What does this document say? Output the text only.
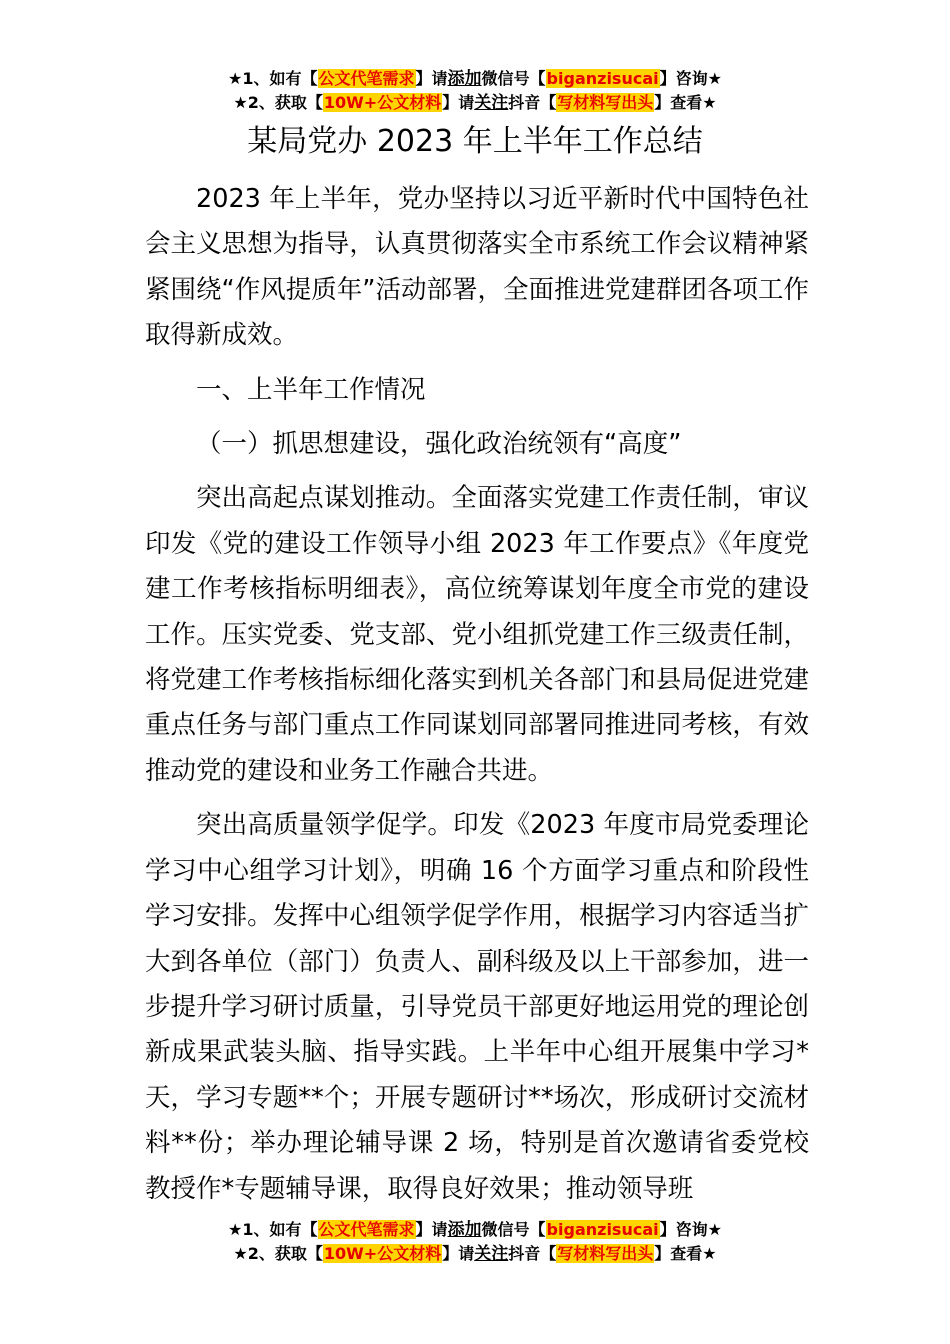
★1、如有【公文代笔需求】请添加微信号【biganzisucai】咨询★
★2、获取【10W+公文材料】请关注抖音【写材料写出头】查看★
某局党办 2023 年上半年工作总结

2023 年上半年，党办坚持以习近平新时代中国特色社会主义思想为指导，认真贯彻落实全市系统工作会议精神紧紧围绕“作风提质年”活动部署，全面推进党建群团各项工作取得新成效。

一、上半年工作情况

（一）抓思想建设，强化政治统领有“高度”

突出高起点谋划推动。全面落实党建工作责任制，审议印发《党的建设工作领导小组 2023 年工作要点》《年度党建工作考核指标明细表》，高位统筹谋划年度全市党的建设工作。压实党委、党支部、党小组抓党建工作三级责任制，将党建工作考核指标细化落实到机关各部门和县局促进党建重点任务与部门重点工作同谋划同部署同推进同考核，有效推动党的建设和业务工作融合共进。

突出高质量领学促学。印发《2023 年度市局党委理论学习中心组学习计划》，明确 16 个方面学习重点和阶段性学习安排。发挥中心组领学促学作用，根据学习内容适当扩大到各单位（部门）负责人、副科级及以上干部参加，进一步提升学习研讨质量，引导党员干部更好地运用党的理论创新成果武装头脑、指导实践。上半年中心组开展集中学习*天，学习专题**个；开展专题研讨**场次，形成研讨交流材料**份；举办理论辅导课 2 场，特别是首次邀请省委党校教授作*专题辅导课，取得良好效果；推动领导班

★1、如有【公文代笔需求】请添加微信号【biganzisucai】咨询★
★2、获取【10W+公文材料】请关注抖音【写材料写出头】查看★
